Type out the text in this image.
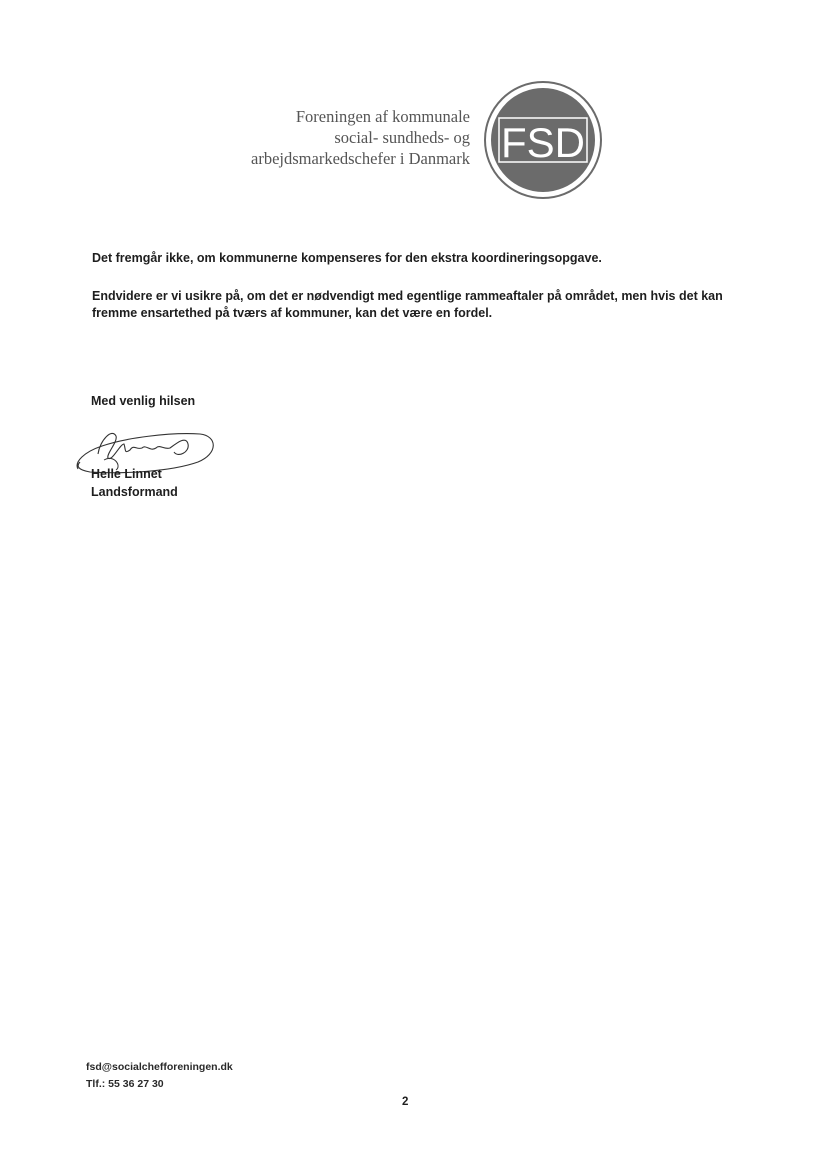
Foreningen af kommunale
social- sundheds- og
arbejdsmarkedschefer i Danmark FSD
Det fremgår ikke, om kommunerne kompenseres for den ekstra koordineringsopgave.
Endvidere er vi usikre på, om det er nødvendigt med egentlige rammeaftaler på området, men hvis det kan fremme ensartethed på tværs af kommuner, kan det være en fordel.
Med venlig hilsen
Helle Linnet
Landsformand
fsd@socialchefforeningen.dk
Tlf.: 55 36 27 30
2
